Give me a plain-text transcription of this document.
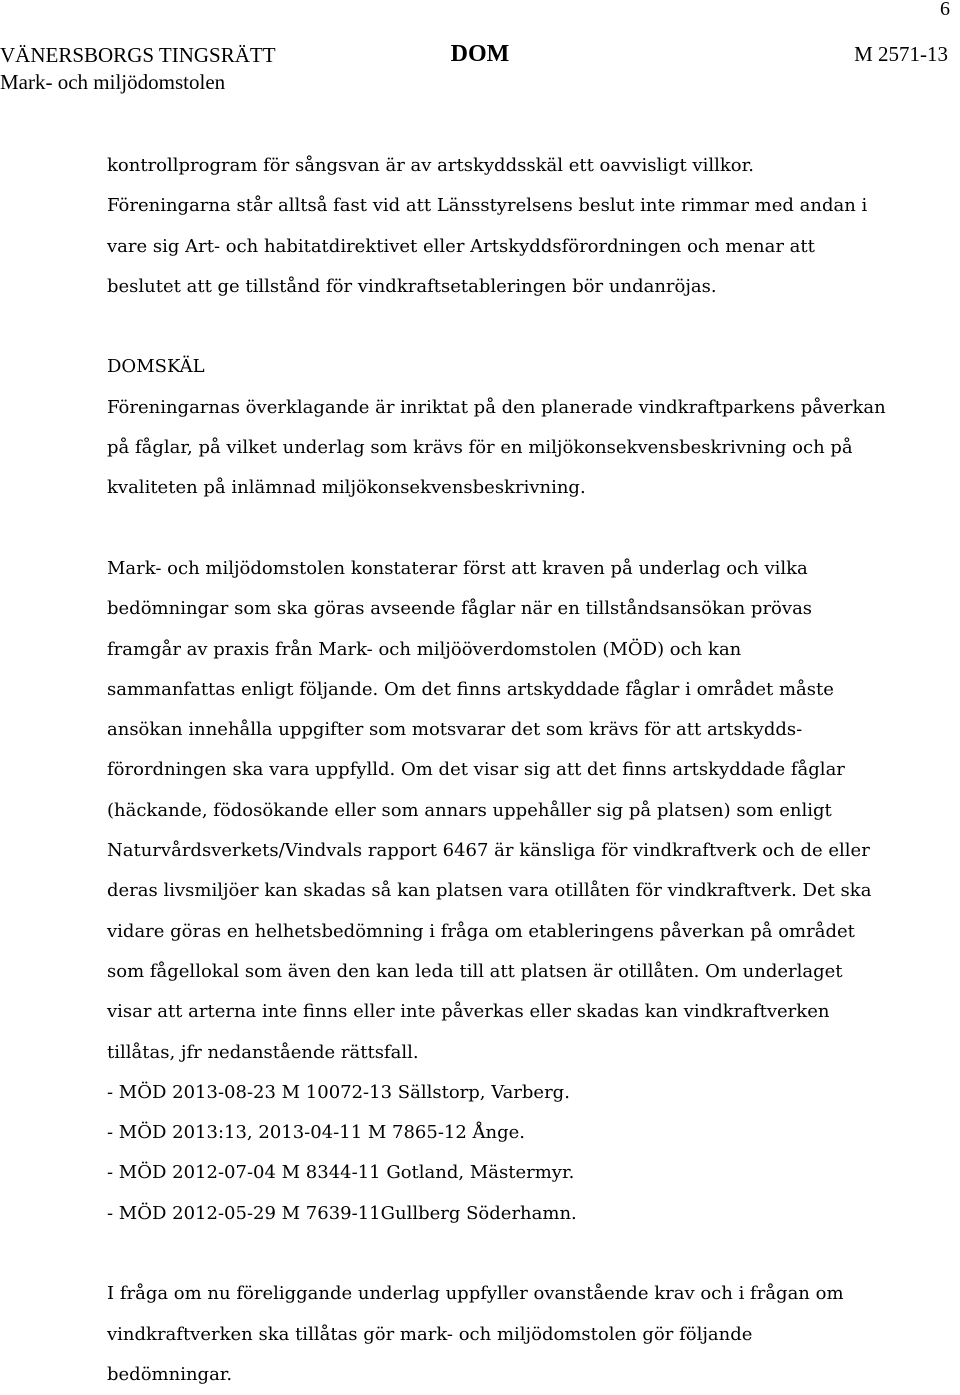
6
VÄNERSBORGS TINGSRÄTT
Mark- och miljödomstolen
DOM	M 2571-13

kontrollprogram för sångsvan är av artskyddsskäl ett oavvisligt villkor.
Föreningarna står alltså fast vid att Länsstyrelsens beslut inte rimmar med andan i
vare sig Art- och habitatdirektivet eller Artskyddsförordningen och menar att
beslutet att ge tillstånd för vindkraftsetableringen bör undanröjas.

DOMSKÄL

Föreningarnas överklagande är inriktat på den planerade vindkraftparkens påverkan
på fåglar, på vilket underlag som krävs för en miljökonsekvensbeskrivning och på
kvaliteten på inlämnad miljökonsekvensbeskrivning.

Mark- och miljödomstolen konstaterar först att kraven på underlag och vilka
bedömningar som ska göras avseende fåglar när en tillståndsansökan prövas
framgår av praxis från Mark- och miljööverdomstolen (MÖD) och kan
sammanfattas enligt följande. Om det finns artskyddade fåglar i området måste
ansökan innehålla uppgifter som motsvarar det som krävs för att artskydds-
förordningen ska vara uppfylld. Om det visar sig att det finns artskyddade fåglar
(häckande, födosökande eller som annars uppehåller sig på platsen) som enligt
Naturvårdsverkets/Vindvals rapport 6467 är känsliga för vindkraftverk och de eller
deras livsmiljöer kan skadas så kan platsen vara otillåten för vindkraftverk. Det ska
vidare göras en helhetsbedömning i fråga om etableringens påverkan på området
som fågellokal som även den kan leda till att platsen är otillåten. Om underlaget
visar att arterna inte finns eller inte påverkas eller skadas kan vindkraftverken
tillåtas, jfr nedanstående rättsfall.

- MÖD 2013-08-23 M 10072-13 Sällstorp, Varberg.
- MÖD 2013:13, 2013-04-11 M 7865-12 Ånge.
- MÖD 2012-07-04 M 8344-11 Gotland, Mästermyr.
- MÖD 2012-05-29 M 7639-11Gullberg Söderhamn.

I fråga om nu föreliggande underlag uppfyller ovanstående krav och i frågan om
vindkraftverken ska tillåtas gör mark- och miljödomstolen gör följande
bedömningar.
